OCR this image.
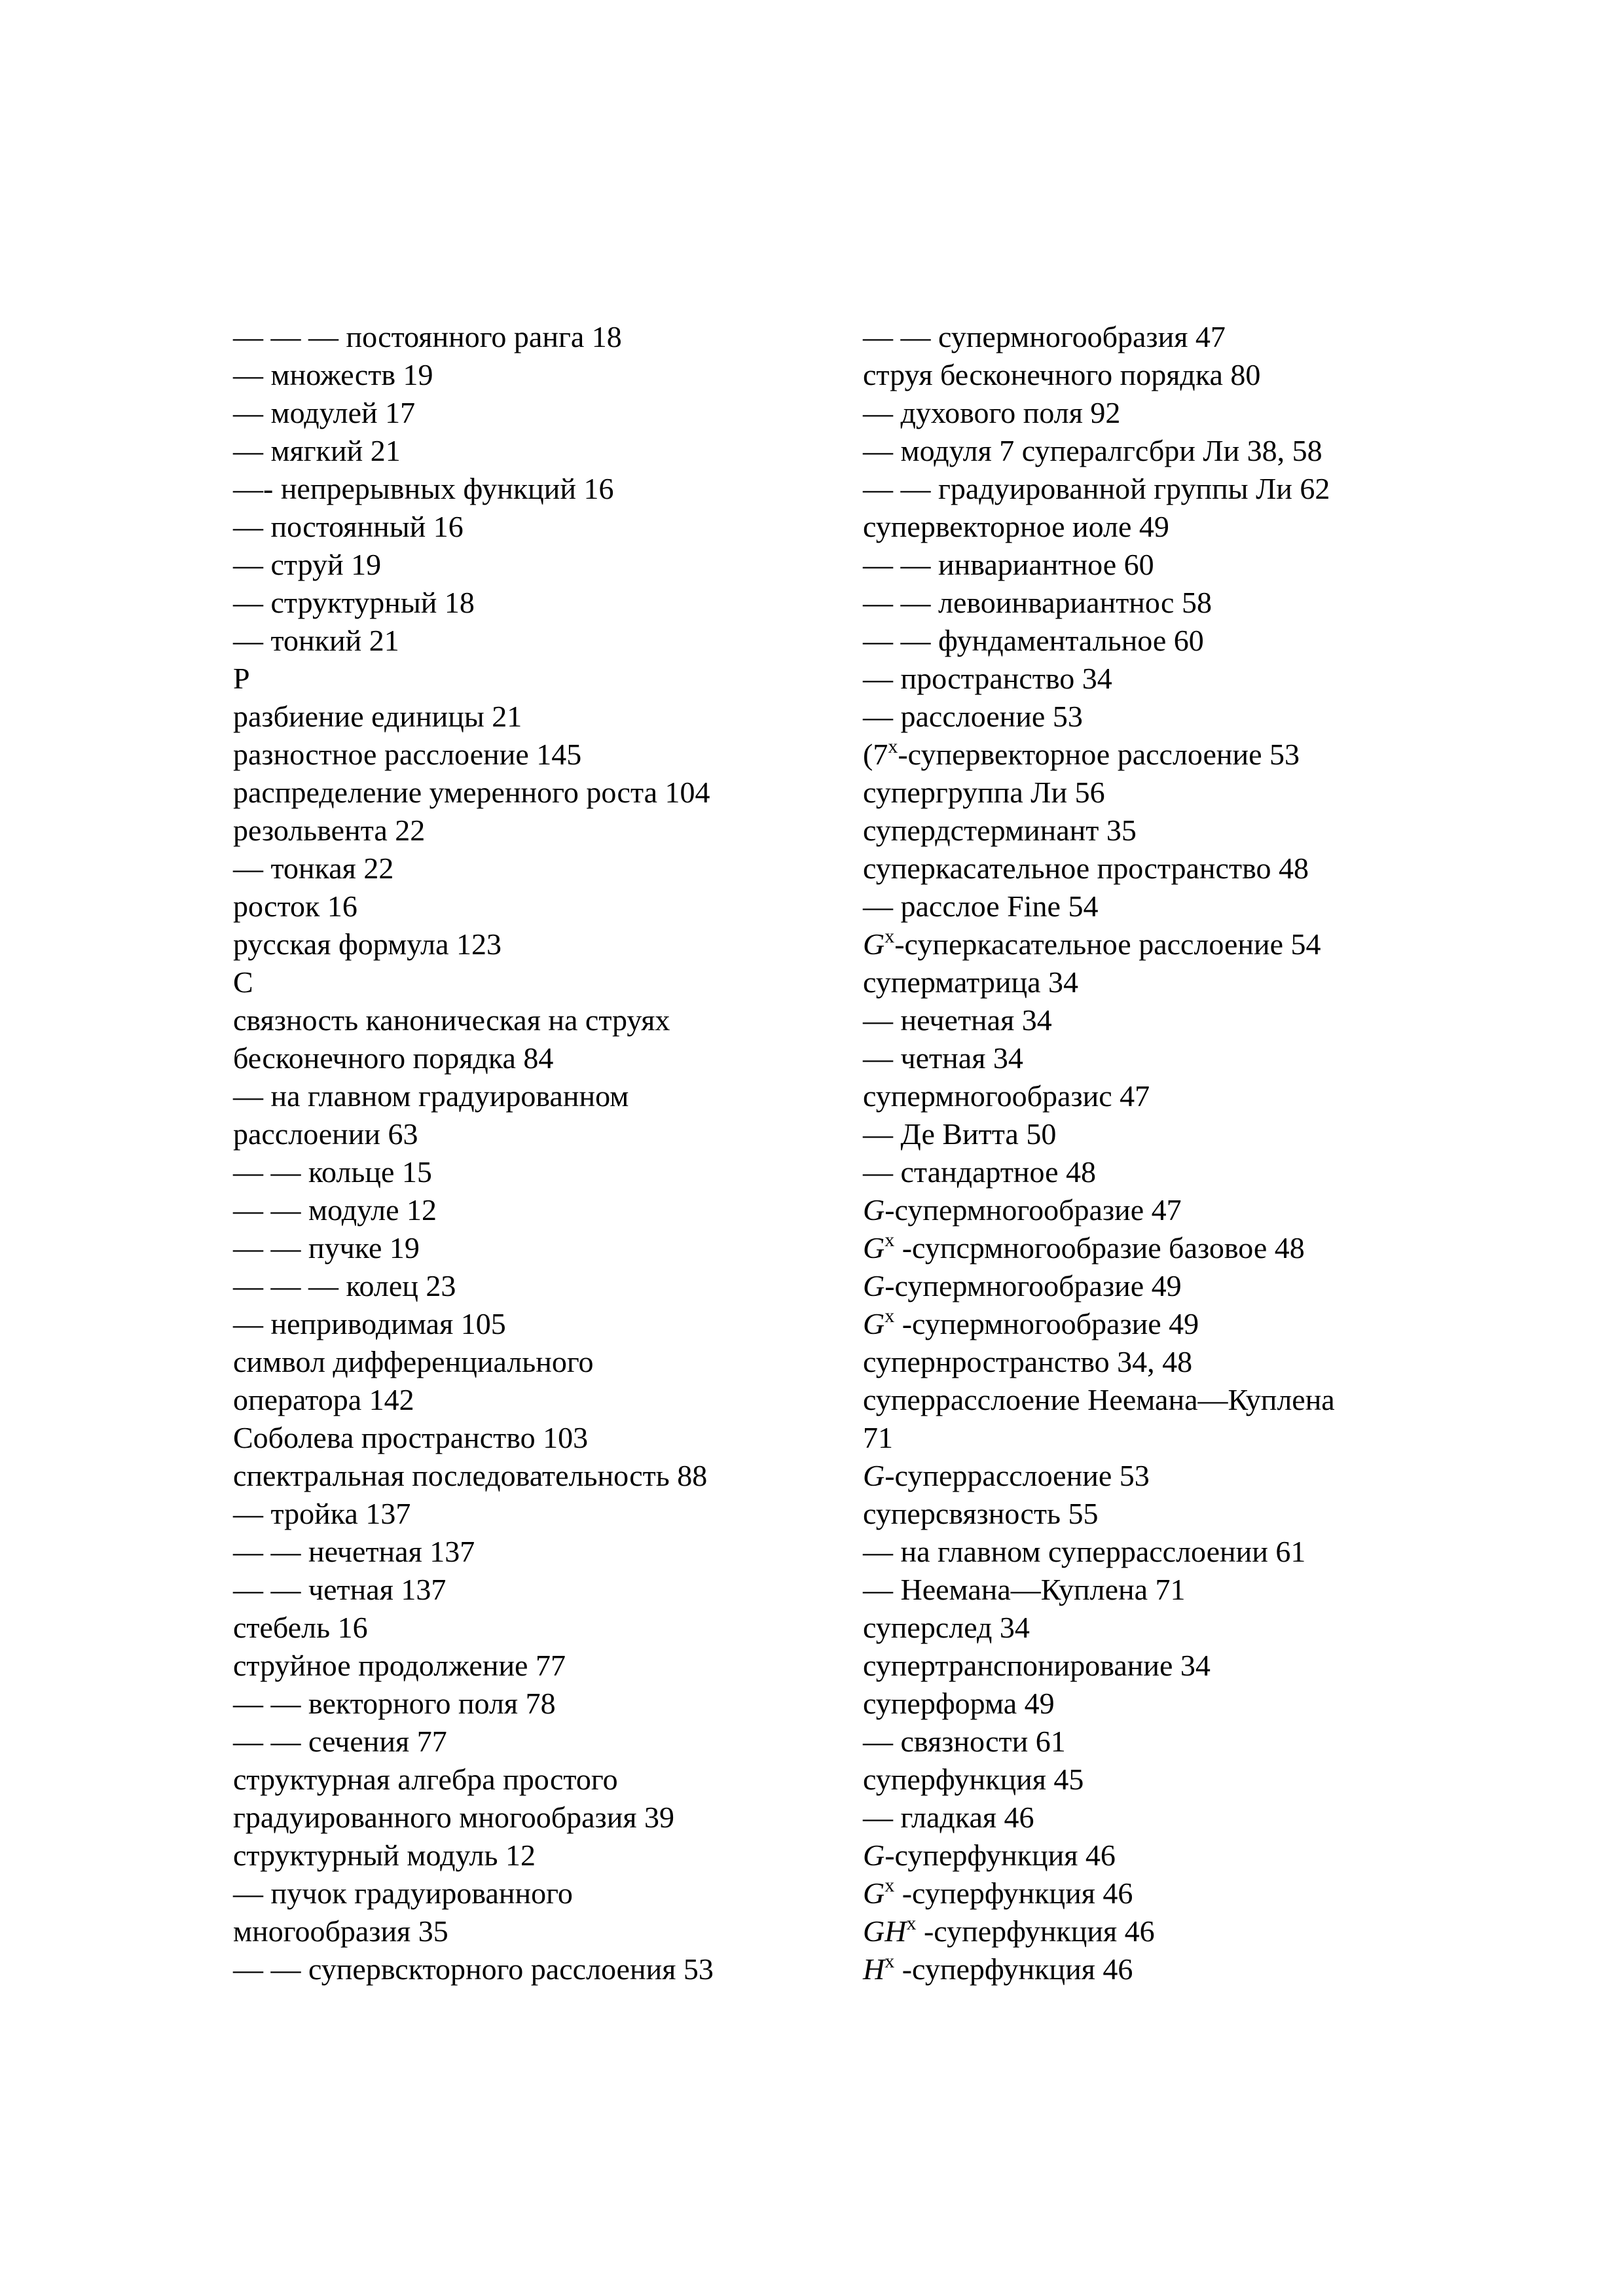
— — — постоянного ранга 18
— множеств 19
— модулей 17
— мягкий 21
—- непрерывных функций 16
— постоянный 16
— струй 19
— структурный 18
— тонкий 21
Р
разбиение единицы 21
разностное расслоение 145
распределение умеренного роста 104
резольвента 22
— тонкая 22
росток 16
русская формула 123
С
связность каноническая на струях
бесконечного порядка 84
— на главном градуированном
расслоении 63
— — кольце 15
— — модуле 12
— — пучке 19
— — — колец 23
— неприводимая 105
символ дифференциального
оператора 142
Соболева пространство 103
спектральная последовательность 88
— тройка 137
— — нечетная 137
— — четная 137
стебель 16
струйное продолжение 77
— — векторного поля 78
— — сечения 77
структурная алгебра простого
градуированного многообразия 39
структурный модуль 12
— пучок градуированного
многообразия 35
— — супервскторного расслоения 53
— — супермногообразия 47
струя бесконечного порядка 80
— духового поля 92
— модуля 7 суперaлгсбри Ли 38, 58
— — градуированной группы Ли 62
супервекторное иоле 49
— — инвариантное 60
— — левоинвариантнос 58
— — фундаментальное 60
— пространство 34
— расслоение 53
(7$^x$-супервекторное расслоение 53
супергруппа Ли 56
супердстерминант 35
суперкасательное пространство 48
— расслое Fine 54
$G^x$-суперкасательное расслоение 54
суперматрица 34
— нечетная 34
— четная 34
супермногообразис 47
— Де Витта 50
— стандартное 48
G-супермногообразие 47
$G^x$ -супсрмногообразие базовое 48
G-супермногообразие 49
$G^x$ -супермногообразие 49
супернространство 34, 48
суперрасслоение Неемана—Куплена
71
G-суперрасслоение 53
суперсвязность 55
— на главном суперрасслоении 61
— Неемана—Куплена 71
суперслед 34
супертранспонирование 34
суперформа 49
— связности 61
суперфункция 45
— гладкая 46
G-суперфункция 46
$G^x$ -суперфункция 46
$GH^x$ -суперфункция 46
$H^x$ -суперфункция 46
